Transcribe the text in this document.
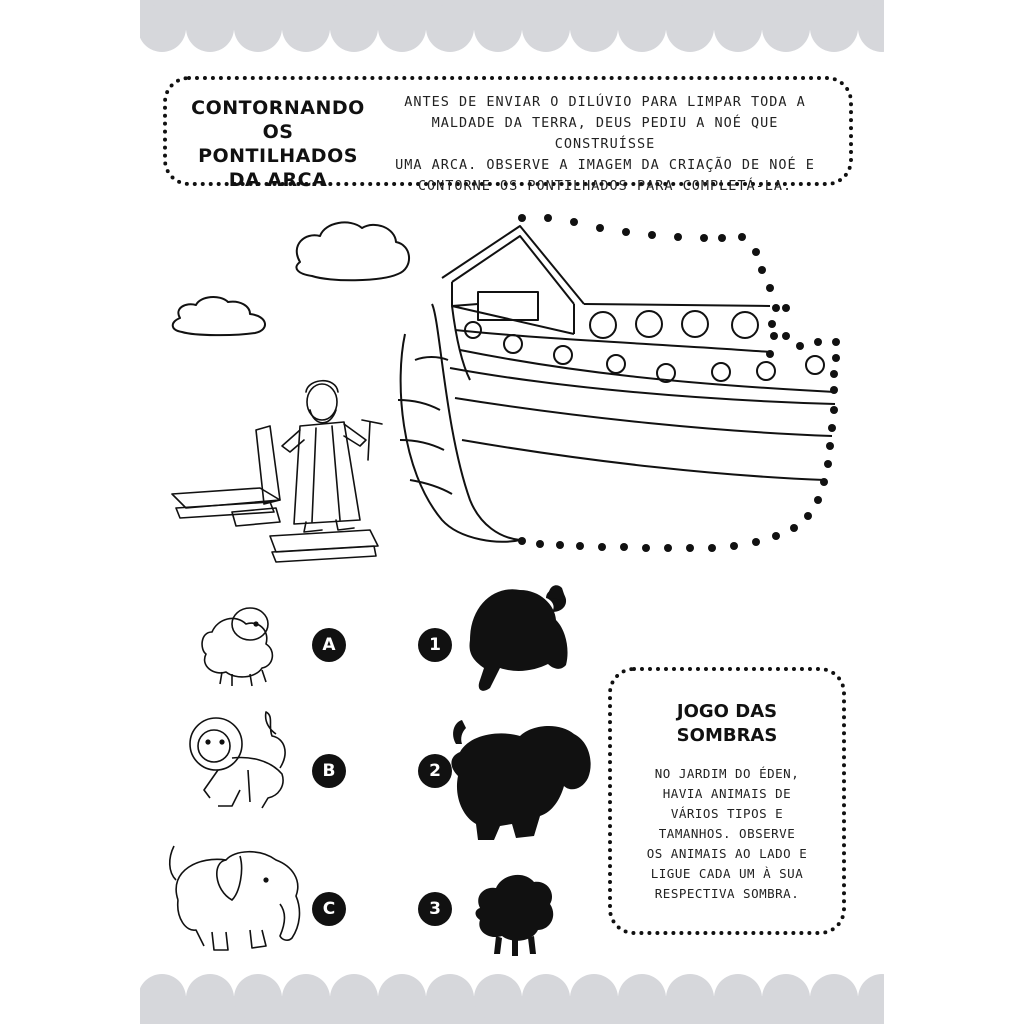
CONTORNANDO OS
PONTILHADOS
DA ARCA
ANTES DE ENVIAR O DILÚVIO PARA LIMPAR TODA A
MALDADE DA TERRA, DEUS PEDIU A NOÉ QUE CONSTRUÍSSE
UMA ARCA. OBSERVE A IMAGEM DA CRIAÇÃO DE NOÉ E
CONTORNE OS PONTILHADOS PARA COMPLETÁ-LA.
A
B
C
1
2
3
JOGO DAS
SOMBRAS
NO JARDIM DO ÉDEN,
HAVIA ANIMAIS DE
VÁRIOS TIPOS E
TAMANHOS. OBSERVE
OS ANIMAIS AO LADO E
LIGUE CADA UM À SUA
RESPECTIVA SOMBRA.
